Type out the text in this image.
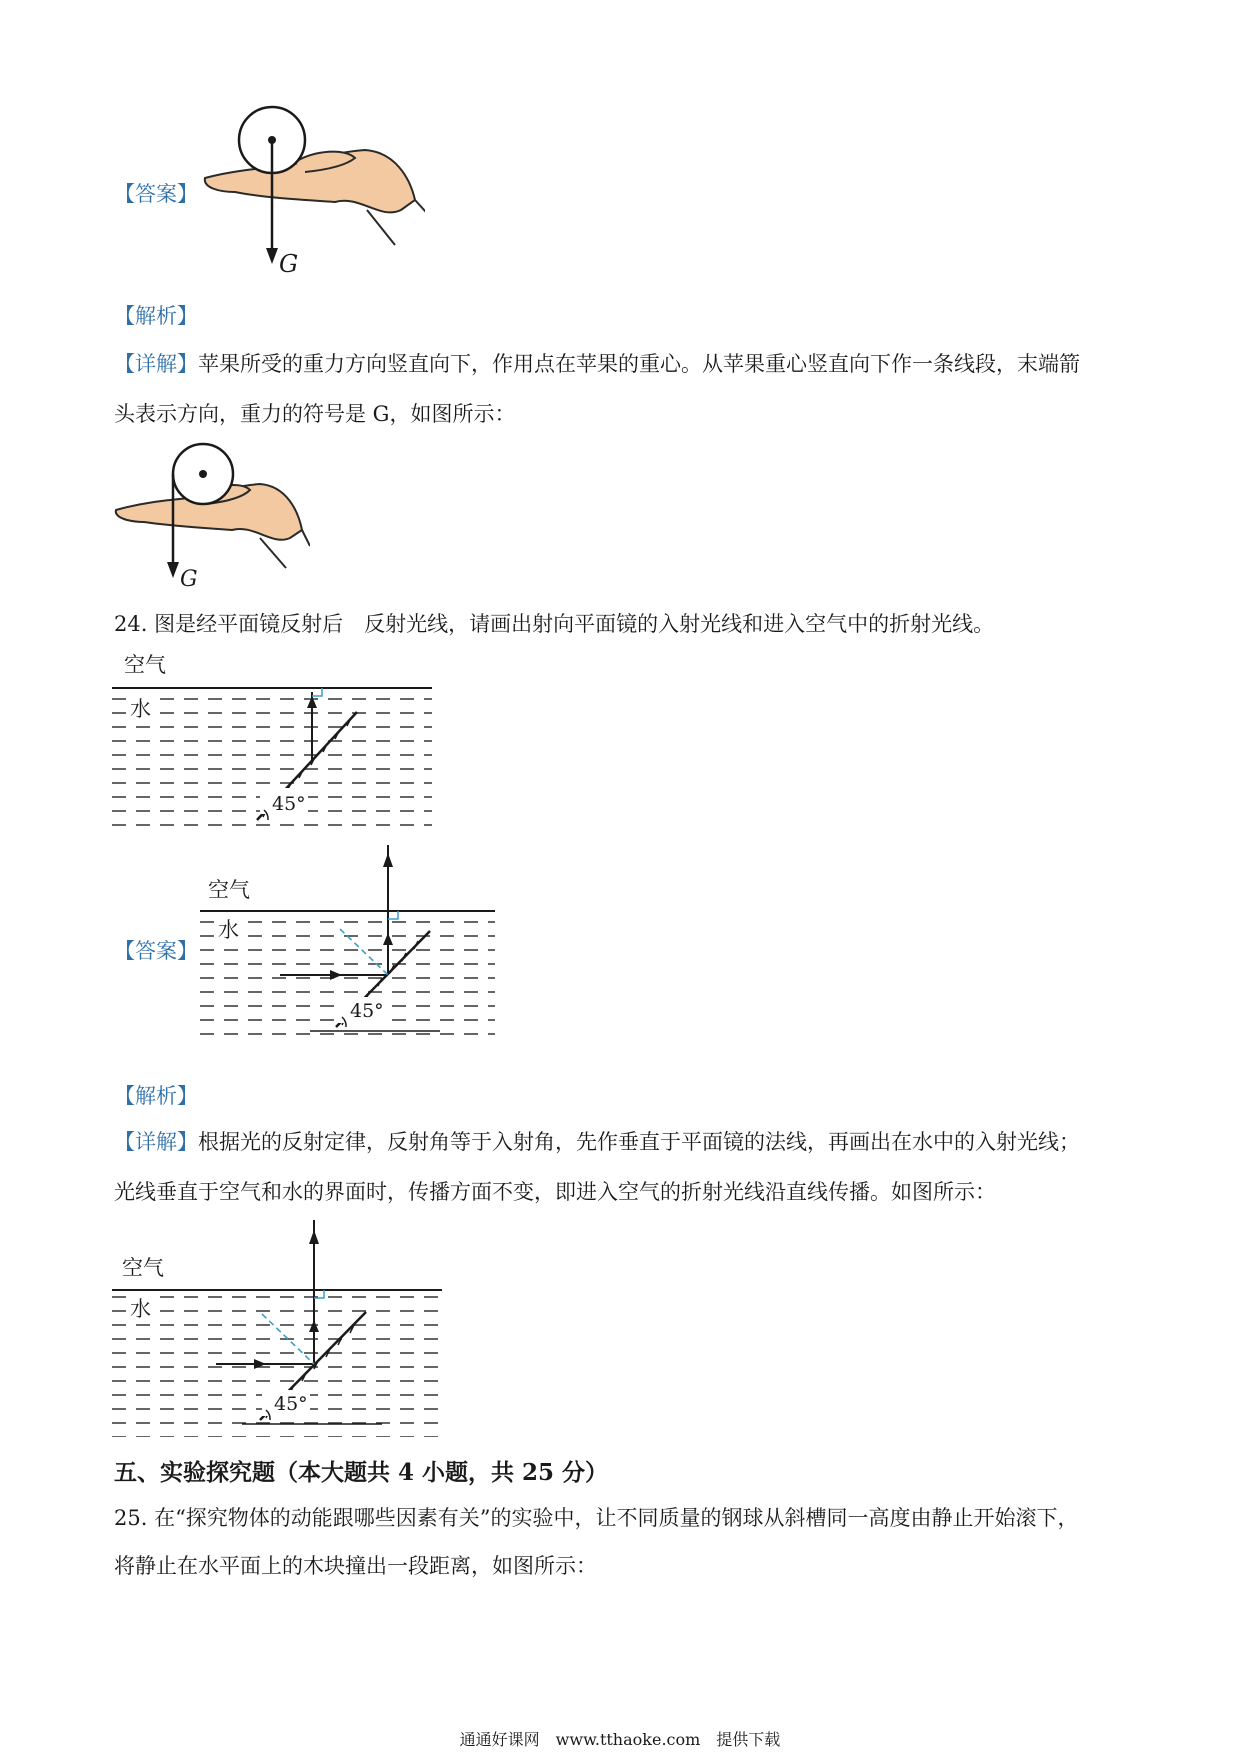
【答案】
G
【解析】
【详解】苹果所受的重力方向竖直向下，作用点在苹果的重心。从苹果重心竖直向下作一条线段，末端箭
头表示方向，重力的符号是 G，如图所示：
G
24. 图是经平面镜反射后　反射光线，请画出射向平面镜的入射光线和进入空气中的折射光线。
空气
水
45°
【答案】
空气
水
45°
【解析】
【详解】根据光的反射定律，反射角等于入射角，先作垂直于平面镜的法线，再画出在水中的入射光线；
光线垂直于空气和水的界面时，传播方面不变，即进入空气的折射光线沿直线传播。如图所示：
空气
水
45°
五、实验探究题（本大题共 4 小题，共 25 分）
25. 在“探究物体的动能跟哪些因素有关”的实验中，让不同质量的钢球从斜槽同一高度由静止开始滚下，
将静止在水平面上的木块撞出一段距离，如图所示：
通通好课网　www.tthaoke.com　提供下载
